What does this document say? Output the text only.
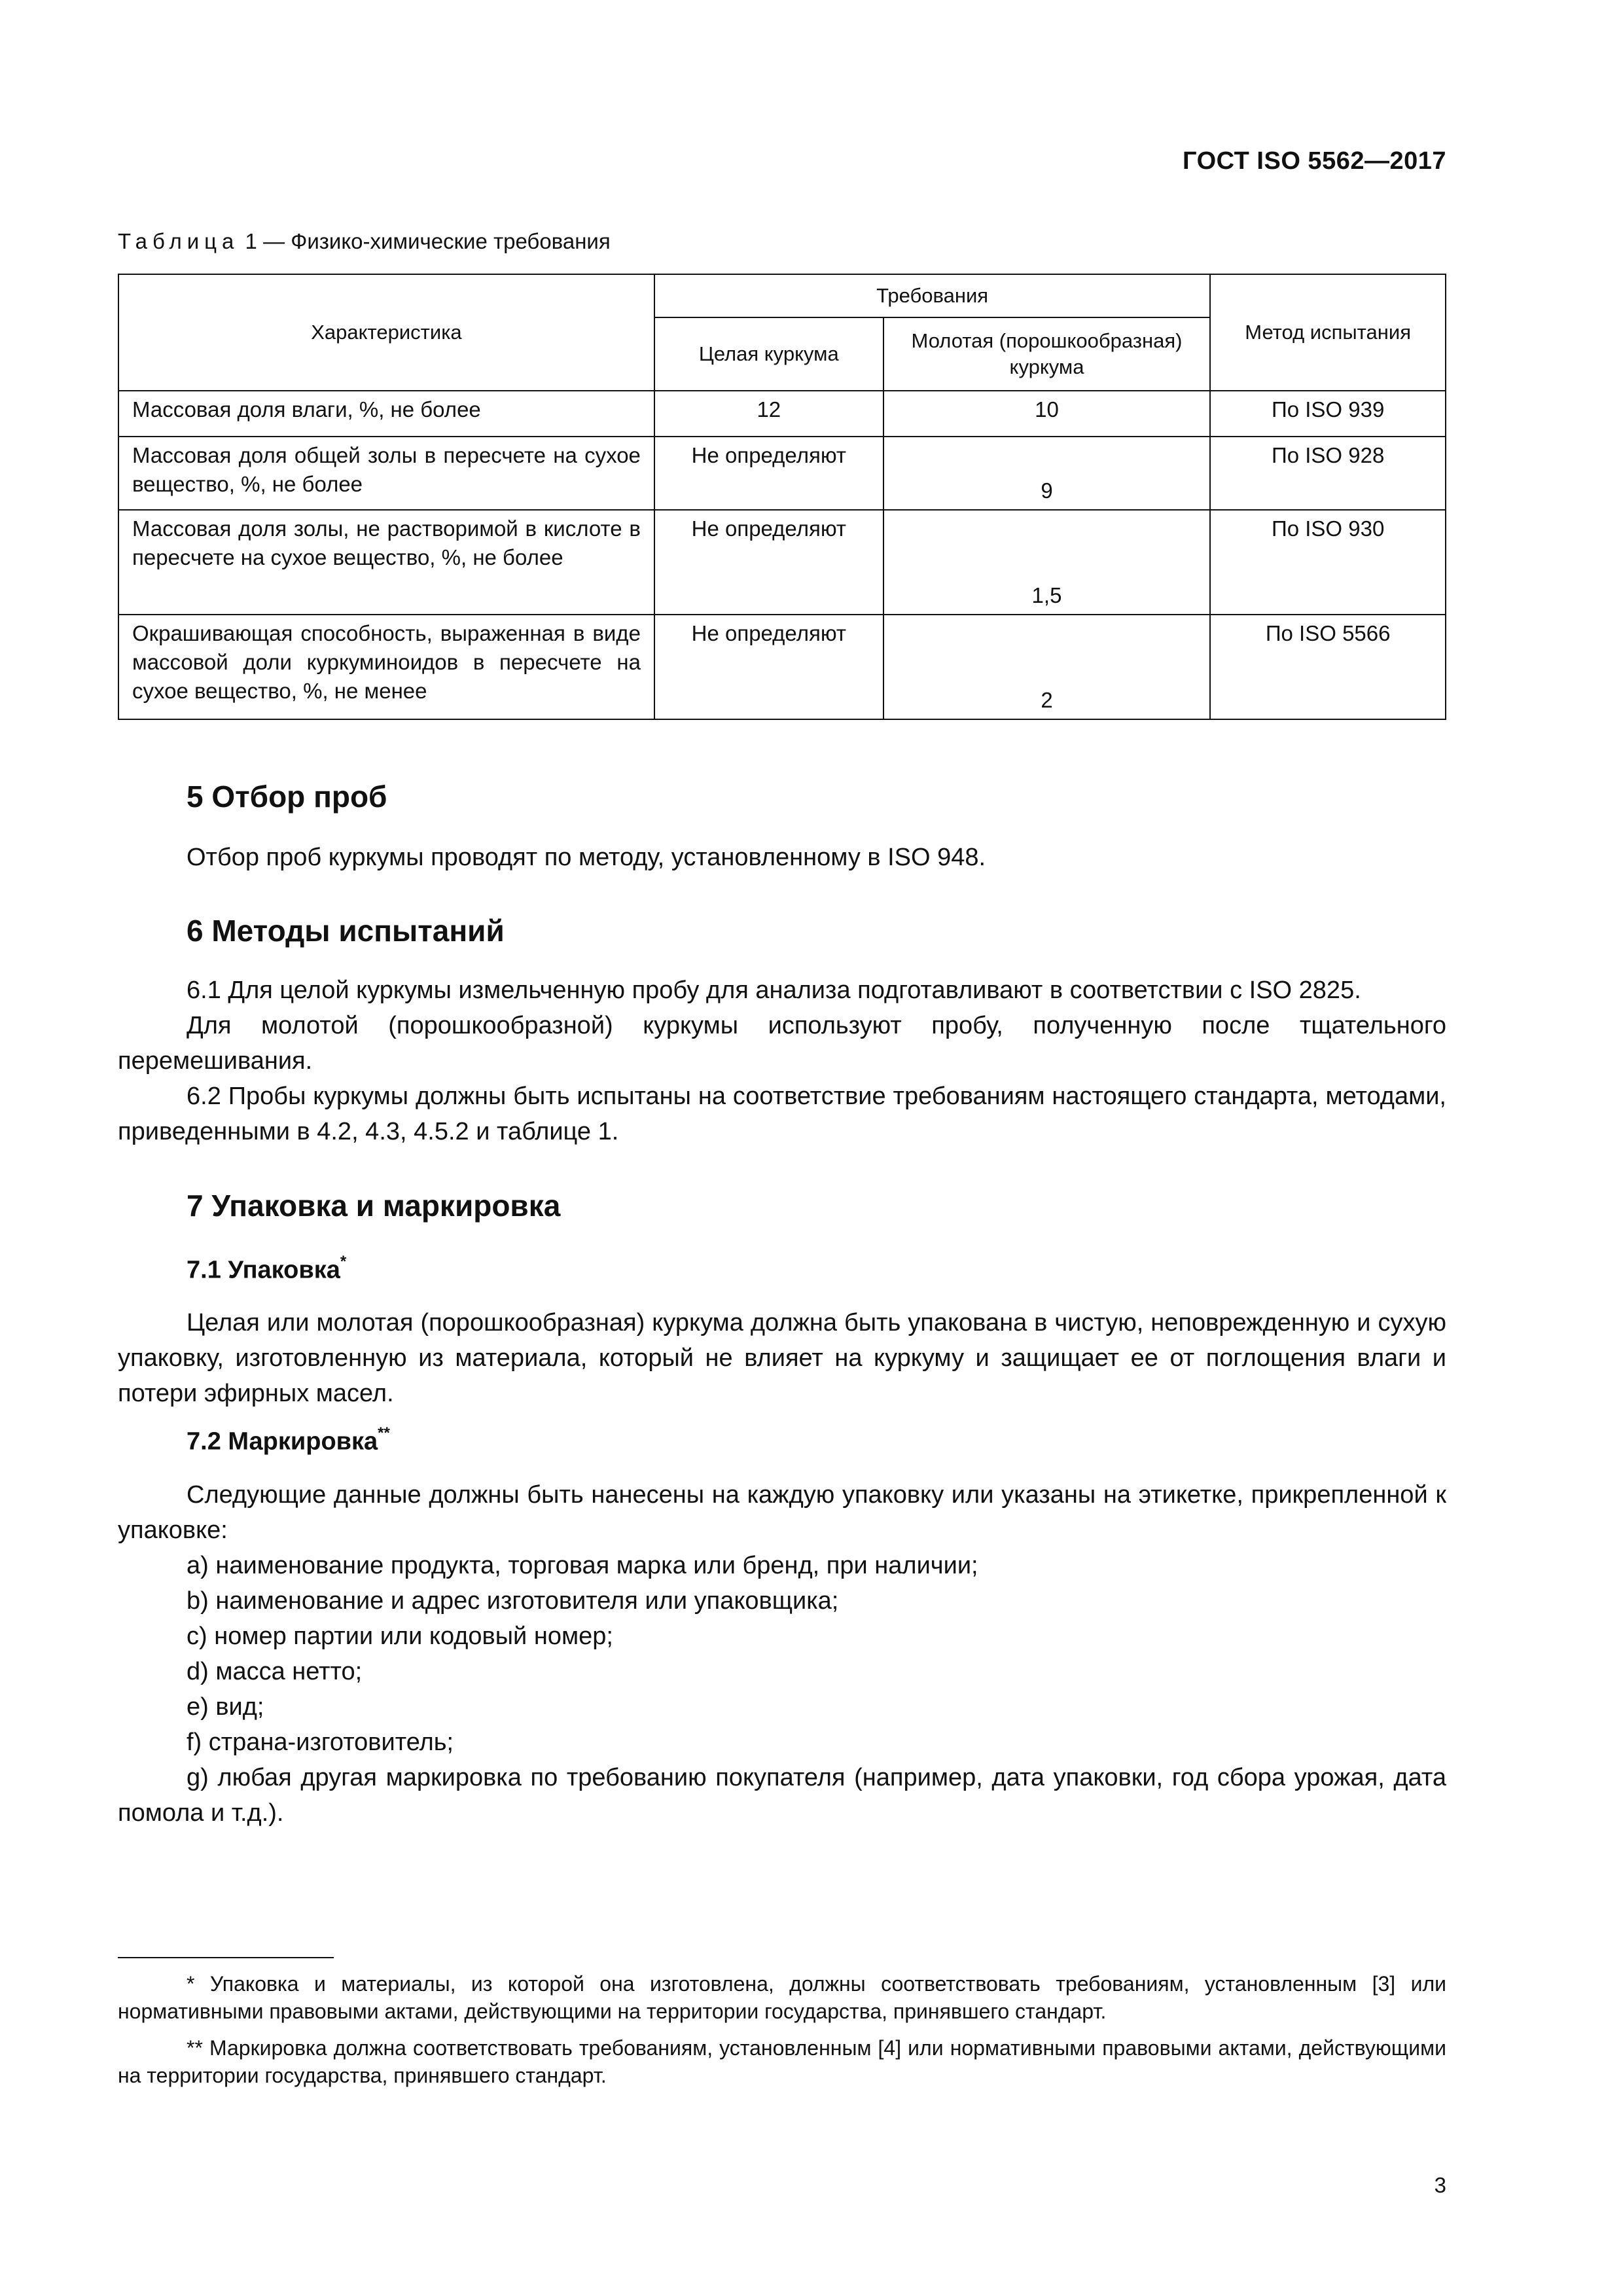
ГОСТ ISO 5562—2017
Таблица 1 — Физико-химические требования
Характеристика	Требования		Метод испытания
	Целая куркума	Молотая (порошкообразная) куркума	
Массовая доля влаги, %, не более	12	10	По ISO 939
Массовая доля общей золы в пересчете на сухое вещество, %, не более	Не определяют	9	По ISO 928
Массовая доля золы, не растворимой в кислоте в пересчете на сухое вещество, %, не более	Не определяют	1,5	По ISO 930
Окрашивающая способность, выраженная в виде массовой доли куркуминоидов в пересчете на сухое вещество, %, не менее	Не определяют	2	По ISO 5566
5 Отбор проб
Отбор проб куркумы проводят по методу, установленному в ISO 948.
6 Методы испытаний
6.1 Для целой куркумы измельченную пробу для анализа подготавливают в соответствии с ISO 2825.
Для молотой (порошкообразной) куркумы используют пробу, полученную после тщательного перемешивания.
6.2 Пробы куркумы должны быть испытаны на соответствие требованиям настоящего стандарта, методами, приведенными в 4.2, 4.3, 4.5.2 и таблице 1.
7 Упаковка и маркировка
7.1 Упаковка*
Целая или молотая (порошкообразная) куркума должна быть упакована в чистую, неповрежденную и сухую упаковку, изготовленную из материала, который не влияет на куркуму и защищает ее от поглощения влаги и потери эфирных масел.
7.2 Маркировка**
Следующие данные должны быть нанесены на каждую упаковку или указаны на этикетке, прикрепленной к упаковке:
a) наименование продукта, торговая марка или бренд, при наличии;
b) наименование и адрес изготовителя или упаковщика;
c) номер партии или кодовый номер;
d) масса нетто;
e) вид;
f) страна-изготовитель;
g) любая другая маркировка по требованию покупателя (например, дата упаковки, год сбора урожая, дата помола и т.д.).
* Упаковка и материалы, из которой она изготовлена, должны соответствовать требованиям, установленным [3] или нормативными правовыми актами, действующими на территории государства, принявшего стандарт.
** Маркировка должна соответствовать требованиям, установленным [4] или нормативными правовыми актами, действующими на территории государства, принявшего стандарт.
3
